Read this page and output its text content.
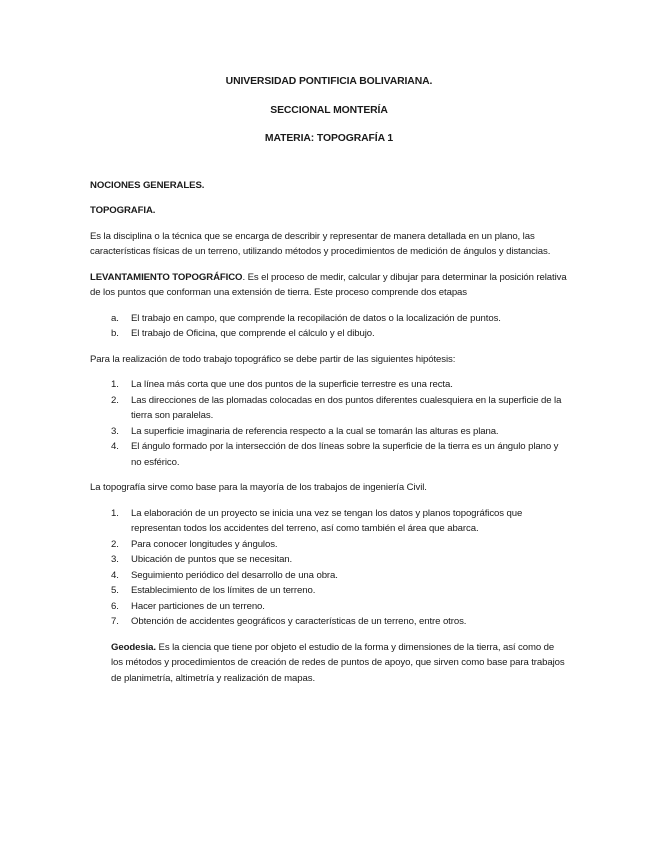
UNIVERSIDAD PONTIFICIA BOLIVARIANA.

SECCIONAL MONTERÍA

MATERIA: TOPOGRAFÍA 1

NOCIONES GENERALES.

TOPOGRAFIA.

Es la disciplina o la técnica que se encarga de describir y representar de manera detallada en un plano, las características físicas de un terreno, utilizando métodos y procedimientos de medición de ángulos y distancias.

LEVANTAMIENTO TOPOGRÁFICO. Es el proceso de medir, calcular y dibujar para determinar la posición relativa de los puntos que conforman una extensión de tierra. Este proceso comprende dos etapas

a.	El trabajo en campo, que comprende la recopilación de datos o la localización de puntos.
b.	El trabajo de Oficina, que comprende el cálculo y el dibujo.

Para la realización de todo trabajo topográfico se debe partir de las siguientes hipótesis:

1.	La línea más corta que une dos puntos de la superficie terrestre es una recta.
2.	Las direcciones de las plomadas colocadas en dos puntos diferentes cualesquiera en la superficie de la tierra son paralelas.
3.	La superficie imaginaria de referencia respecto a la cual se tomarán las alturas es plana.
4.	El ángulo formado por la intersección de dos líneas sobre la superficie de la tierra es un ángulo plano y no esférico.

La topografía sirve como base para la mayoría de los trabajos de ingeniería Civil.

1.	La elaboración de un proyecto se inicia una vez se tengan los datos y planos topográficos que representan todos los accidentes del terreno, así como también el área que abarca.
2.	Para conocer longitudes y ángulos.
3.	Ubicación de puntos que se necesitan.
4.	Seguimiento periódico del desarrollo de una obra.
5.	Establecimiento de los límites de un terreno.
6.	Hacer particiones de un terreno.
7.	Obtención de accidentes geográficos y características de un terreno, entre otros.

Geodesia. Es la ciencia que tiene por objeto el estudio de la forma y dimensiones de la tierra, así como de los métodos y procedimientos de creación de redes de puntos de apoyo, que sirven como base para trabajos de planimetría, altimetría y realización de mapas.
